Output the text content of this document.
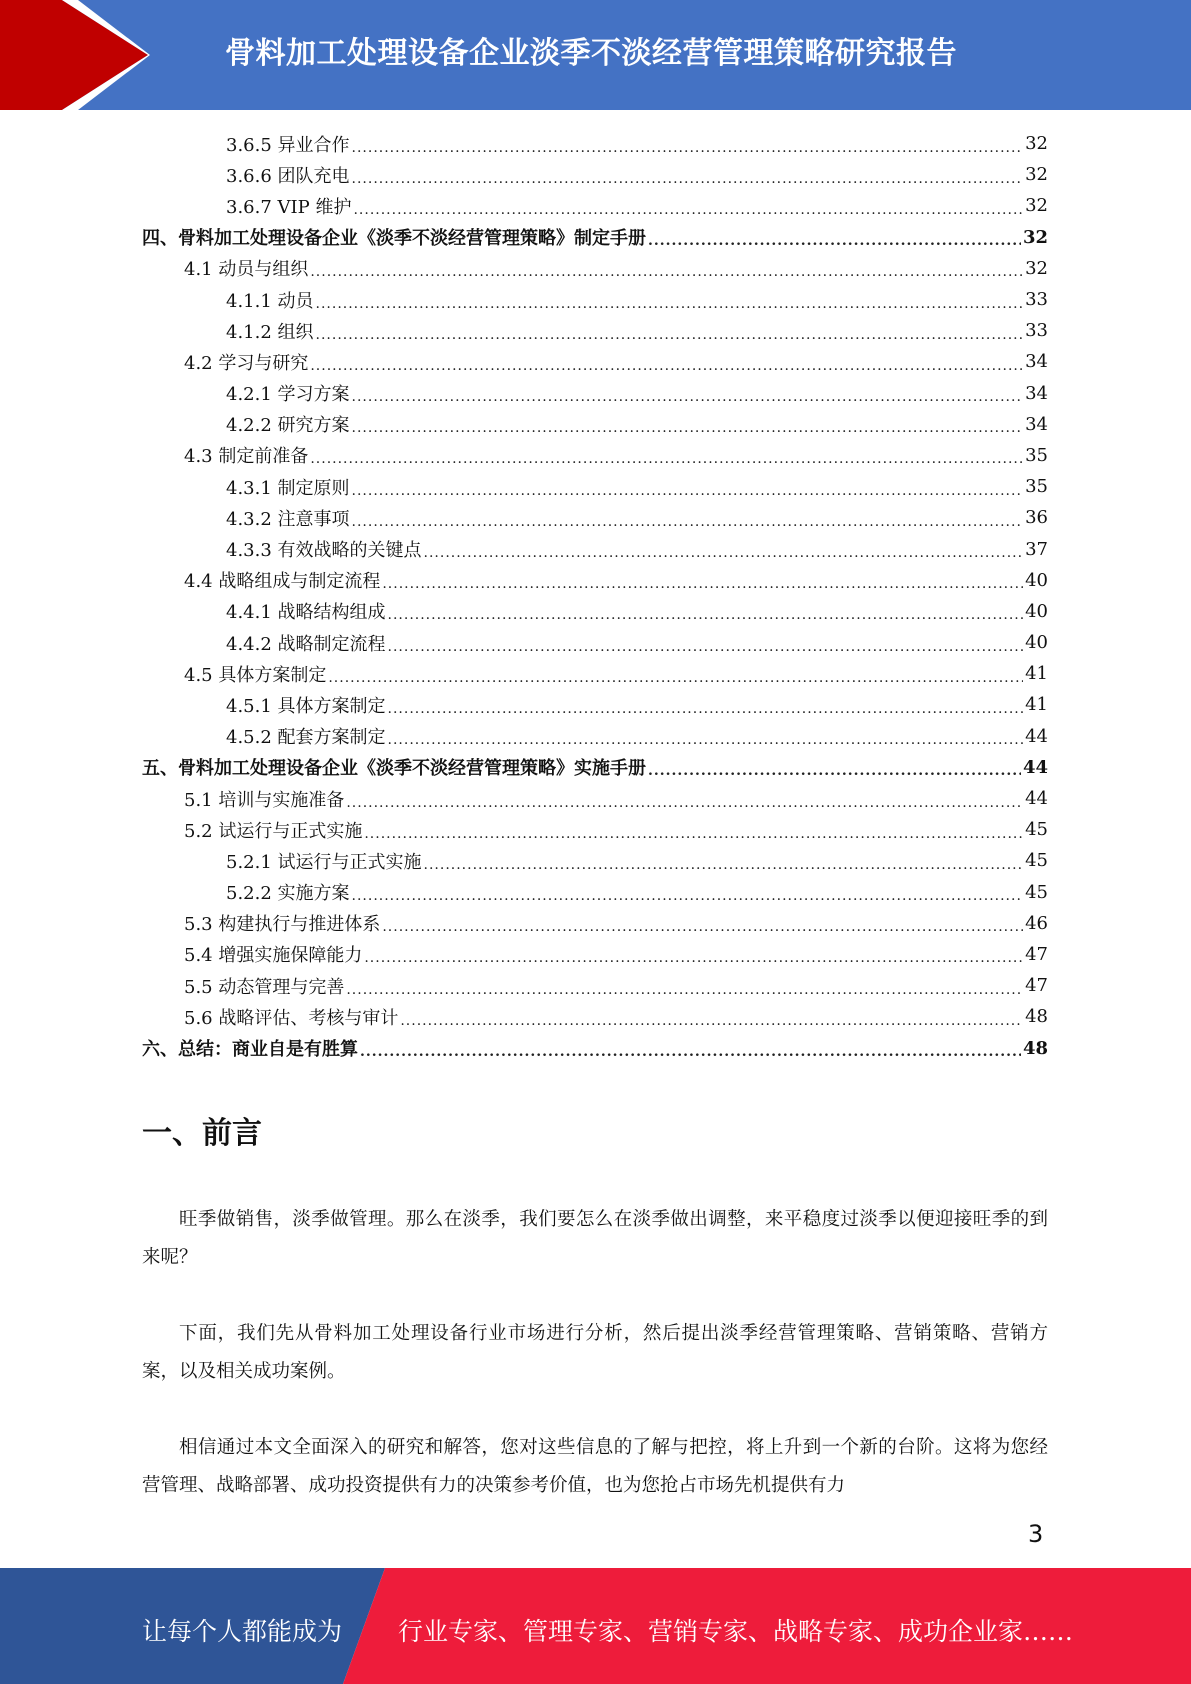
骨料加工处理设备企业淡季不淡经营管理策略研究报告
3.6.5 异业合作 .....	32
3.6.6 团队充电 .....	32
3.6.7 VIP 维护 .....	32
四、骨料加工处理设备企业《淡季不淡经营管理策略》制定手册 .....	32
4.1 动员与组织 .....	32
4.1.1 动员 .....	33
4.1.2 组织 .....	33
4.2 学习与研究 .....	34
4.2.1 学习方案 .....	34
4.2.2 研究方案 .....	34
4.3 制定前准备 .....	35
4.3.1 制定原则 .....	35
4.3.2 注意事项 .....	36
4.3.3 有效战略的关键点 .....	37
4.4 战略组成与制定流程 .....	40
4.4.1 战略结构组成 .....	40
4.4.2 战略制定流程 .....	40
4.5 具体方案制定 .....	41
4.5.1 具体方案制定 .....	41
4.5.2 配套方案制定 .....	44
五、骨料加工处理设备企业《淡季不淡经营管理策略》实施手册 .....	44
5.1 培训与实施准备 .....	44
5.2 试运行与正式实施 .....	45
5.2.1 试运行与正式实施 .....	45
5.2.2 实施方案 .....	45
5.3 构建执行与推进体系 .....	46
5.4 增强实施保障能力 .....	47
5.5 动态管理与完善 .....	47
5.6 战略评估、考核与审计 .....	48
六、总结：商业自是有胜算 .....	48
一、前言
旺季做销售，淡季做管理。那么在淡季，我们要怎么在淡季做出调整，来平稳度过淡季以便迎接旺季的到来呢？
下面，我们先从骨料加工处理设备行业市场进行分析，然后提出淡季经营管理策略、营销策略、营销方案，以及相关成功案例。
相信通过本文全面深入的研究和解答，您对这些信息的了解与把控，将上升到一个新的台阶。这将为您经营管理、战略部署、成功投资提供有力的决策参考价值，也为您抢占市场先机提供有力
3
让每个人都能成为 行业专家、管理专家、营销专家、战略专家、成功企业家……
